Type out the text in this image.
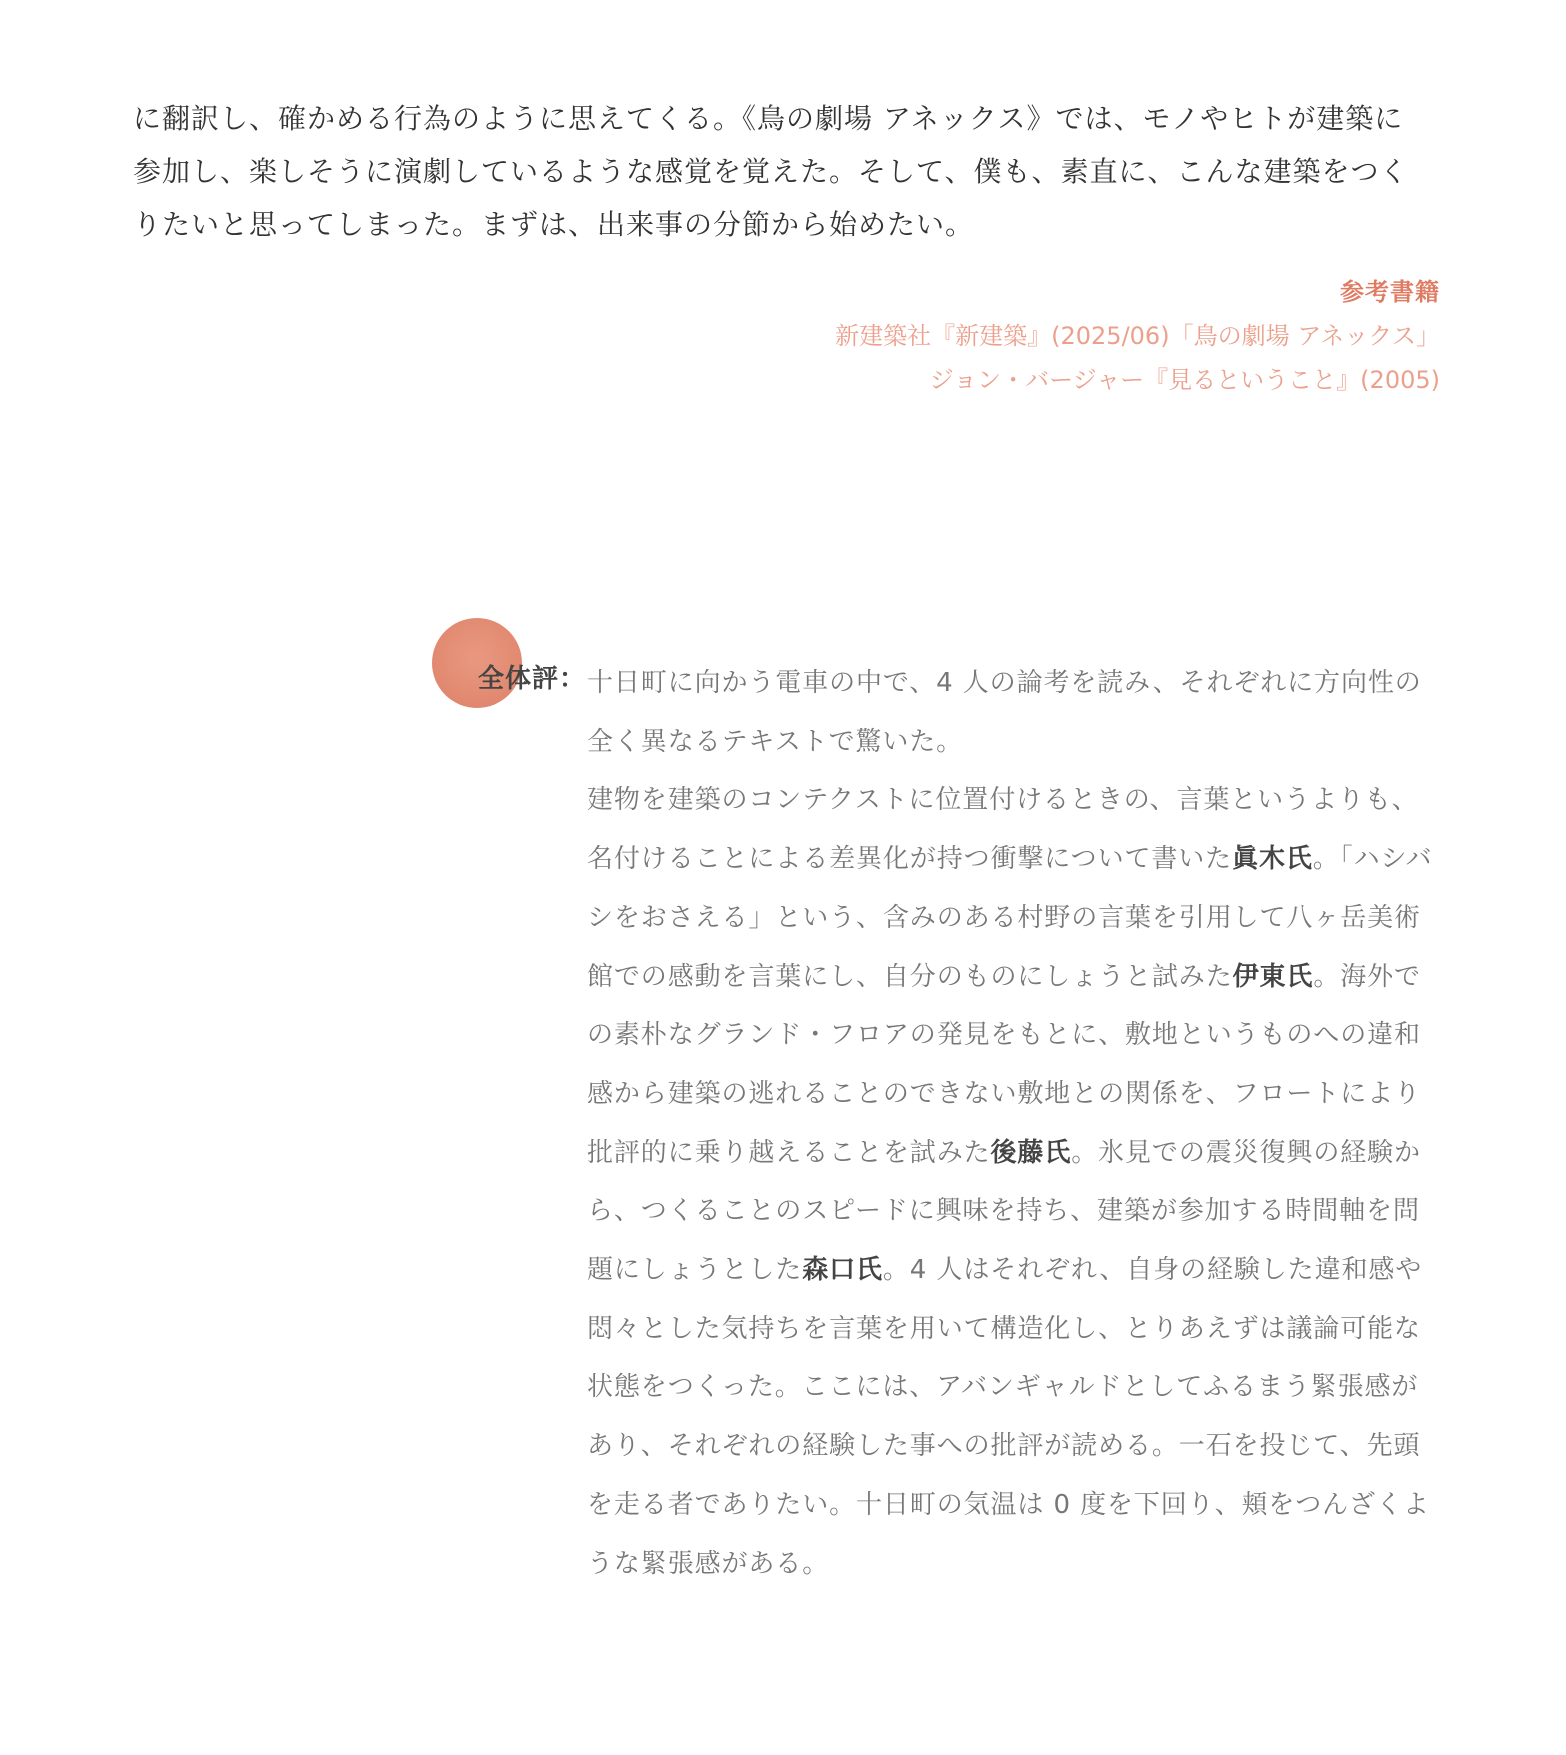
に翻訳し、確かめる行為のように思えてくる。《鳥の劇場 アネックス》では、モノやヒトが建築に
参加し、楽しそうに演劇しているような感覚を覚えた。そして、僕も、素直に、こんな建築をつく
りたいと思ってしまった。まずは、出来事の分節から始めたい。
参考書籍
新建築社『新建築』(2025/06)「鳥の劇場 アネックス」
ジョン・バージャー『見るということ』(2005)
全体評： 十日町に向かう電車の中で、4 人の論考を読み、それぞれに方向性の
全く異なるテキストで驚いた。
建物を建築のコンテクストに位置付けるときの、言葉というよりも、
名付けることによる差異化が持つ衝撃について書いた眞木氏。「ハシバ
シをおさえる」という、含みのある村野の言葉を引用して八ヶ岳美術
館での感動を言葉にし、自分のものにしょうと試みた伊東氏。海外で
の素朴なグランド・フロアの発見をもとに、敷地というものへの違和
感から建築の逃れることのできない敷地との関係を、フロートにより
批評的に乗り越えることを試みた後藤氏。氷見での震災復興の経験か
ら、つくることのスピードに興味を持ち、建築が参加する時間軸を問
題にしょうとした森口氏。4 人はそれぞれ、自身の経験した違和感や
悶々とした気持ちを言葉を用いて構造化し、とりあえずは議論可能な
状態をつくった。ここには、アバンギャルドとしてふるまう緊張感が
あり、それぞれの経験した事への批評が読める。一石を投じて、先頭
を走る者でありたい。十日町の気温は 0 度を下回り、頬をつんざくよ
うな緊張感がある。
